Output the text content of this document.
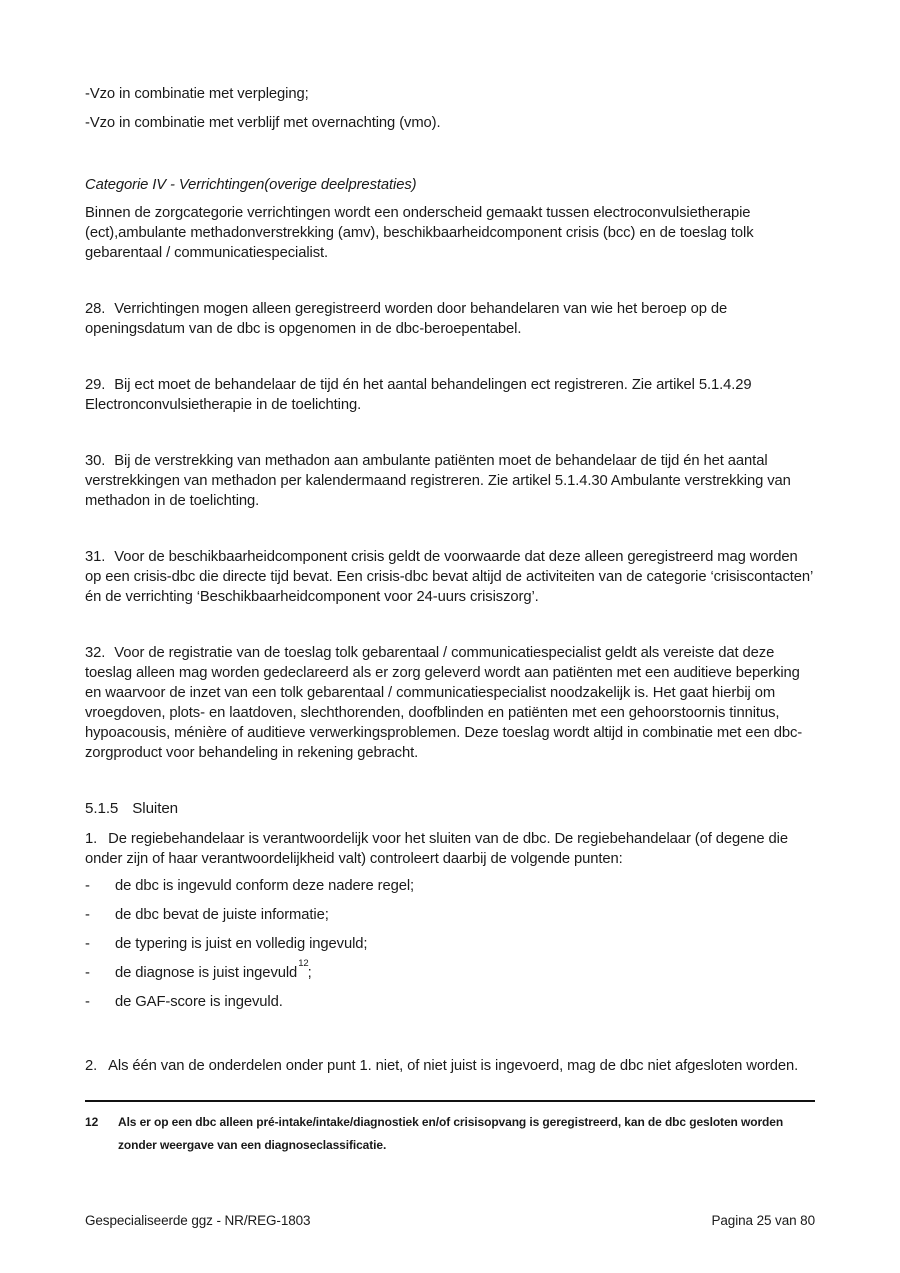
-Vzo in combinatie met verpleging;

-Vzo in combinatie met verblijf met overnachting (vmo).

Categorie IV - Verrichtingen(overige deelprestaties)

Binnen de zorgcategorie verrichtingen wordt een onderscheid gemaakt tussen electroconvulsietherapie (ect),ambulante methadonverstrekking (amv), beschikbaarheidcomponent crisis (bcc) en de toeslag tolk gebarentaal / communicatiespecialist.

28. Verrichtingen mogen alleen geregistreerd worden door behandelaren van wie het beroep op de openingsdatum van de dbc is opgenomen in de dbc-beroepentabel.

29. Bij ect moet de behandelaar de tijd én het aantal behandelingen ect registreren. Zie artikel 5.1.4.29 Electronconvulsietherapie in de toelichting.

30. Bij de verstrekking van methadon aan ambulante patiënten moet de behandelaar de tijd én het aantal verstrekkingen van methadon per kalendermaand registreren. Zie artikel 5.1.4.30 Ambulante verstrekking van methadon in de toelichting.

31. Voor de beschikbaarheidcomponent crisis geldt de voorwaarde dat deze alleen geregistreerd mag worden op een crisis-dbc die directe tijd bevat. Een crisis-dbc bevat altijd de activiteiten van de categorie ‘crisiscontacten’ én de verrichting ‘Beschikbaarheidcomponent voor 24-uurs crisiszorg’.

32. Voor de registratie van de toeslag tolk gebarentaal / communicatiespecialist geldt als vereiste dat deze toeslag alleen mag worden gedeclareerd als er zorg geleverd wordt aan patiënten met een auditieve beperking en waarvoor de inzet van een tolk gebarentaal / communicatiespecialist noodzakelijk is. Het gaat hierbij om vroegdoven, plots- en laatdoven, slechthorenden, doofblinden en patiënten met een gehoorstoornis tinnitus, hypoacousis, ménière of auditieve verwerkingsproblemen. Deze toeslag wordt altijd in combinatie met een dbc-zorgproduct voor behandeling in rekening gebracht.

5.1.5 Sluiten

1. De regiebehandelaar is verantwoordelijk voor het sluiten van de dbc. De regiebehandelaar (of degene die onder zijn of haar verantwoordelijkheid valt) controleert daarbij de volgende punten:

-	de dbc is ingevuld conform deze nadere regel;
-	de dbc bevat de juiste informatie;
-	de typering is juist en volledig ingevuld;
-	de diagnose is juist ingevuld$^{12}$;
-	de GAF-score is ingevuld.

2. Als één van de onderdelen onder punt 1. niet, of niet juist is ingevoerd, mag de dbc niet afgesloten worden.

12	Als er op een dbc alleen pré-intake/intake/diagnostiek en/of crisisopvang is geregistreerd, kan de dbc gesloten worden zonder weergave van een diagnoseclassificatie.
Gespecialiseerde ggz - NR/REG-1803	Pagina 25 van 80
